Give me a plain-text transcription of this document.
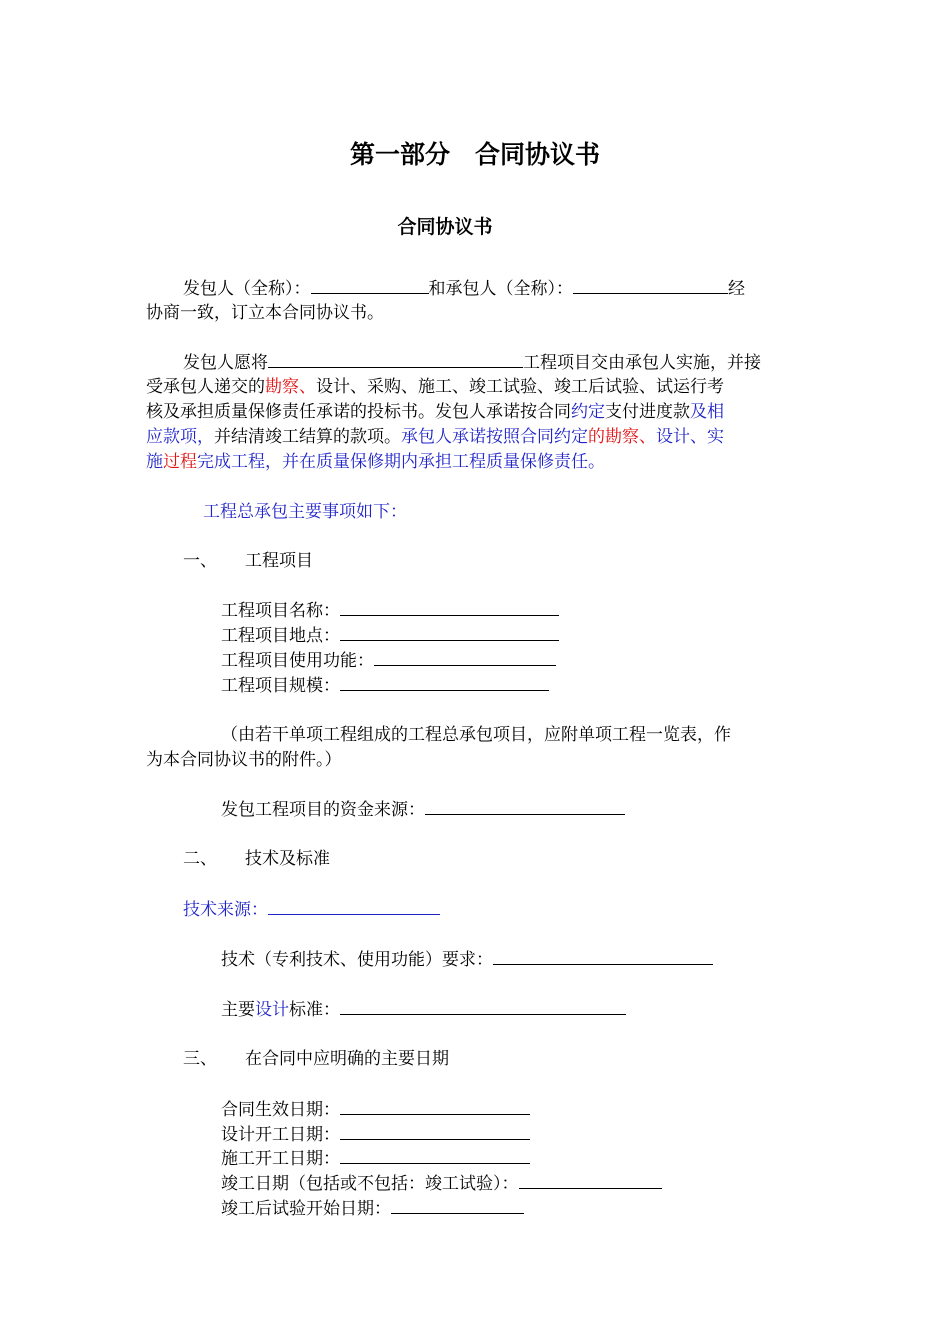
第一部分　合同协议书
合同协议书
发包人（全称）：	和承包人（全称）：	经
协商一致，订立本合同协议书。
发包人愿将	工程项目交由承包人实施，并接
受承包人递交的勘察、设计、采购、施工、竣工试验、竣工后试验、试运行考
核及承担质量保修责任承诺的投标书。发包人承诺按合同约定支付进度款及相
应款项，并结清竣工结算的款项。承包人承诺按照合同约定的勘察、设计、实
施过程完成工程，并在质量保修期内承担工程质量保修责任。
工程总承包主要事项如下：
一、 工程项目
工程项目名称：
工程项目地点：
工程项目使用功能：
工程项目规模：
（由若干单项工程组成的工程总承包项目，应附单项工程一览表，作
为本合同协议书的附件。）
发包工程项目的资金来源：
二、 技术及标准
技术来源：
技术（专利技术、使用功能）要求：
主要设计标准：
三、 在合同中应明确的主要日期
合同生效日期：
设计开工日期：
施工开工日期：
竣工日期（包括或不包括：竣工试验）：
竣工后试验开始日期：
